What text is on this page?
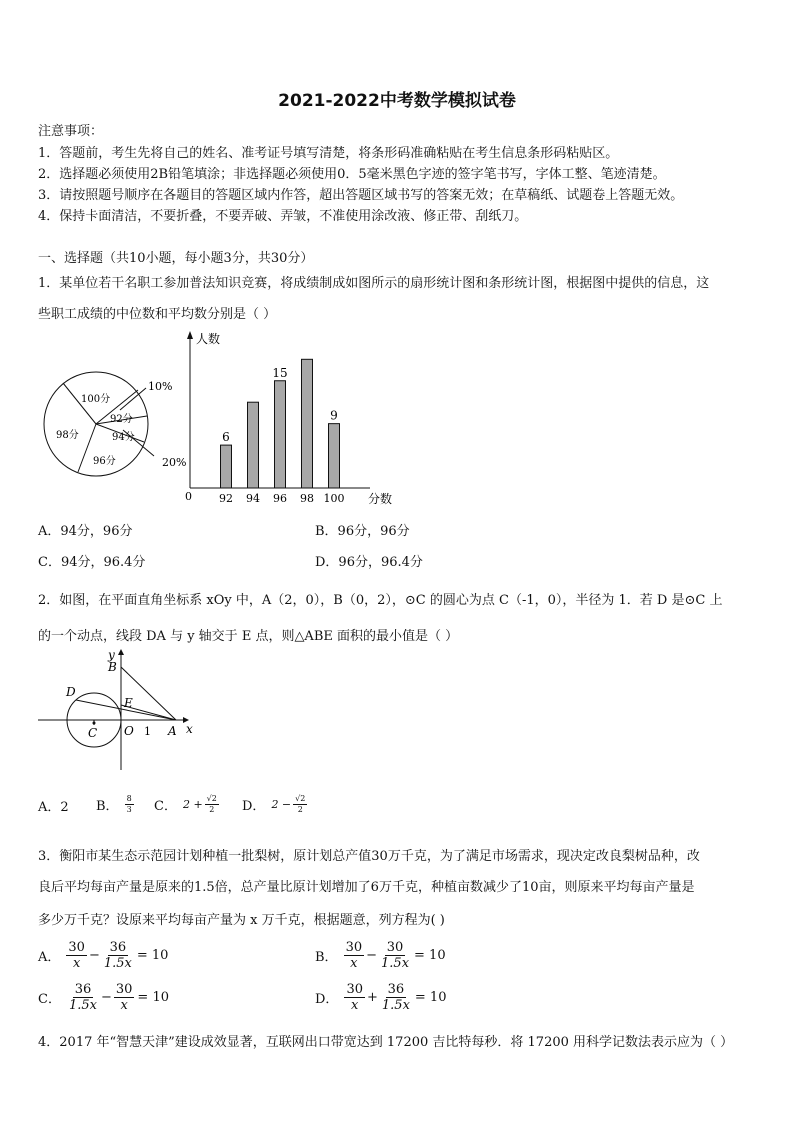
2021-2022中考数学模拟试卷
注意事项：
1．答题前，考生先将自己的姓名、准考证号填写清楚，将条形码准确粘贴在考生信息条形码粘贴区。
2．选择题必须使用2B铅笔填涂；非选择题必须使用0．5毫米黑色字迹的签字笔书写，字体工整、笔迹清楚。
3．请按照题号顺序在各题目的答题区域内作答，超出答题区域书写的答案无效；在草稿纸、试题卷上答题无效。
4．保持卡面清洁，不要折叠，不要弄破、弄皱，不准使用涂改液、修正带、刮纸刀。
一、选择题（共10小题，每小题3分，共30分）
1．某单位若干名职工参加普法知识竞赛，将成绩制成如图所示的扇形统计图和条形统计图，根据图中提供的信息，这
些职工成绩的中位数和平均数分别是（ ）
100分
92分
94分
96分
98分
10%
20%
人数
分数
0 92
6
94 96
15
98 100
9
A．94分，96分	B．96分，96分
C．94分，96.4分	D．96分，96.4分
2．如图，在平面直角坐标系 xOy 中，A（2，0），B（0，2），⊙C 的圆心为点 C（-1，0），半径为 1．若 D 是⊙C 上
的一个动点，线段 DA 与 y 轴交于 E 点，则△ABE 面积的最小值是（ ）
y
B
D
E
C O 1 A x
A．2 B． $\frac{8}{3}$ C． $2 + \frac{√2}{2}$ D． $2 - \frac{√2}{2}$
3．衡阳市某生态示范园计划种植一批梨树，原计划总产值30万千克，为了满足市场需求，现决定改良梨树品种，改
良后平均每亩产量是原来的1.5倍，总产量比原计划增加了6万千克，种植亩数减少了10亩，则原来平均每亩产量是
多少万千克？设原来平均每亩产量为 x 万千克，根据题意，列方程为( )
A． $\frac{30}{x} - \frac{36}{1.5x} = 10$	B． $\frac{30}{x} - \frac{30}{1.5x} = 10$
C． $\frac{36}{1.5x} - \frac{30}{x} = 10$	D． $\frac{30}{x} + \frac{36}{1.5x} = 10$
4．2017 年“智慧天津”建设成效显著，互联网出口带宽达到 17200 吉比特每秒．将 17200 用科学记数法表示应为（ ）
